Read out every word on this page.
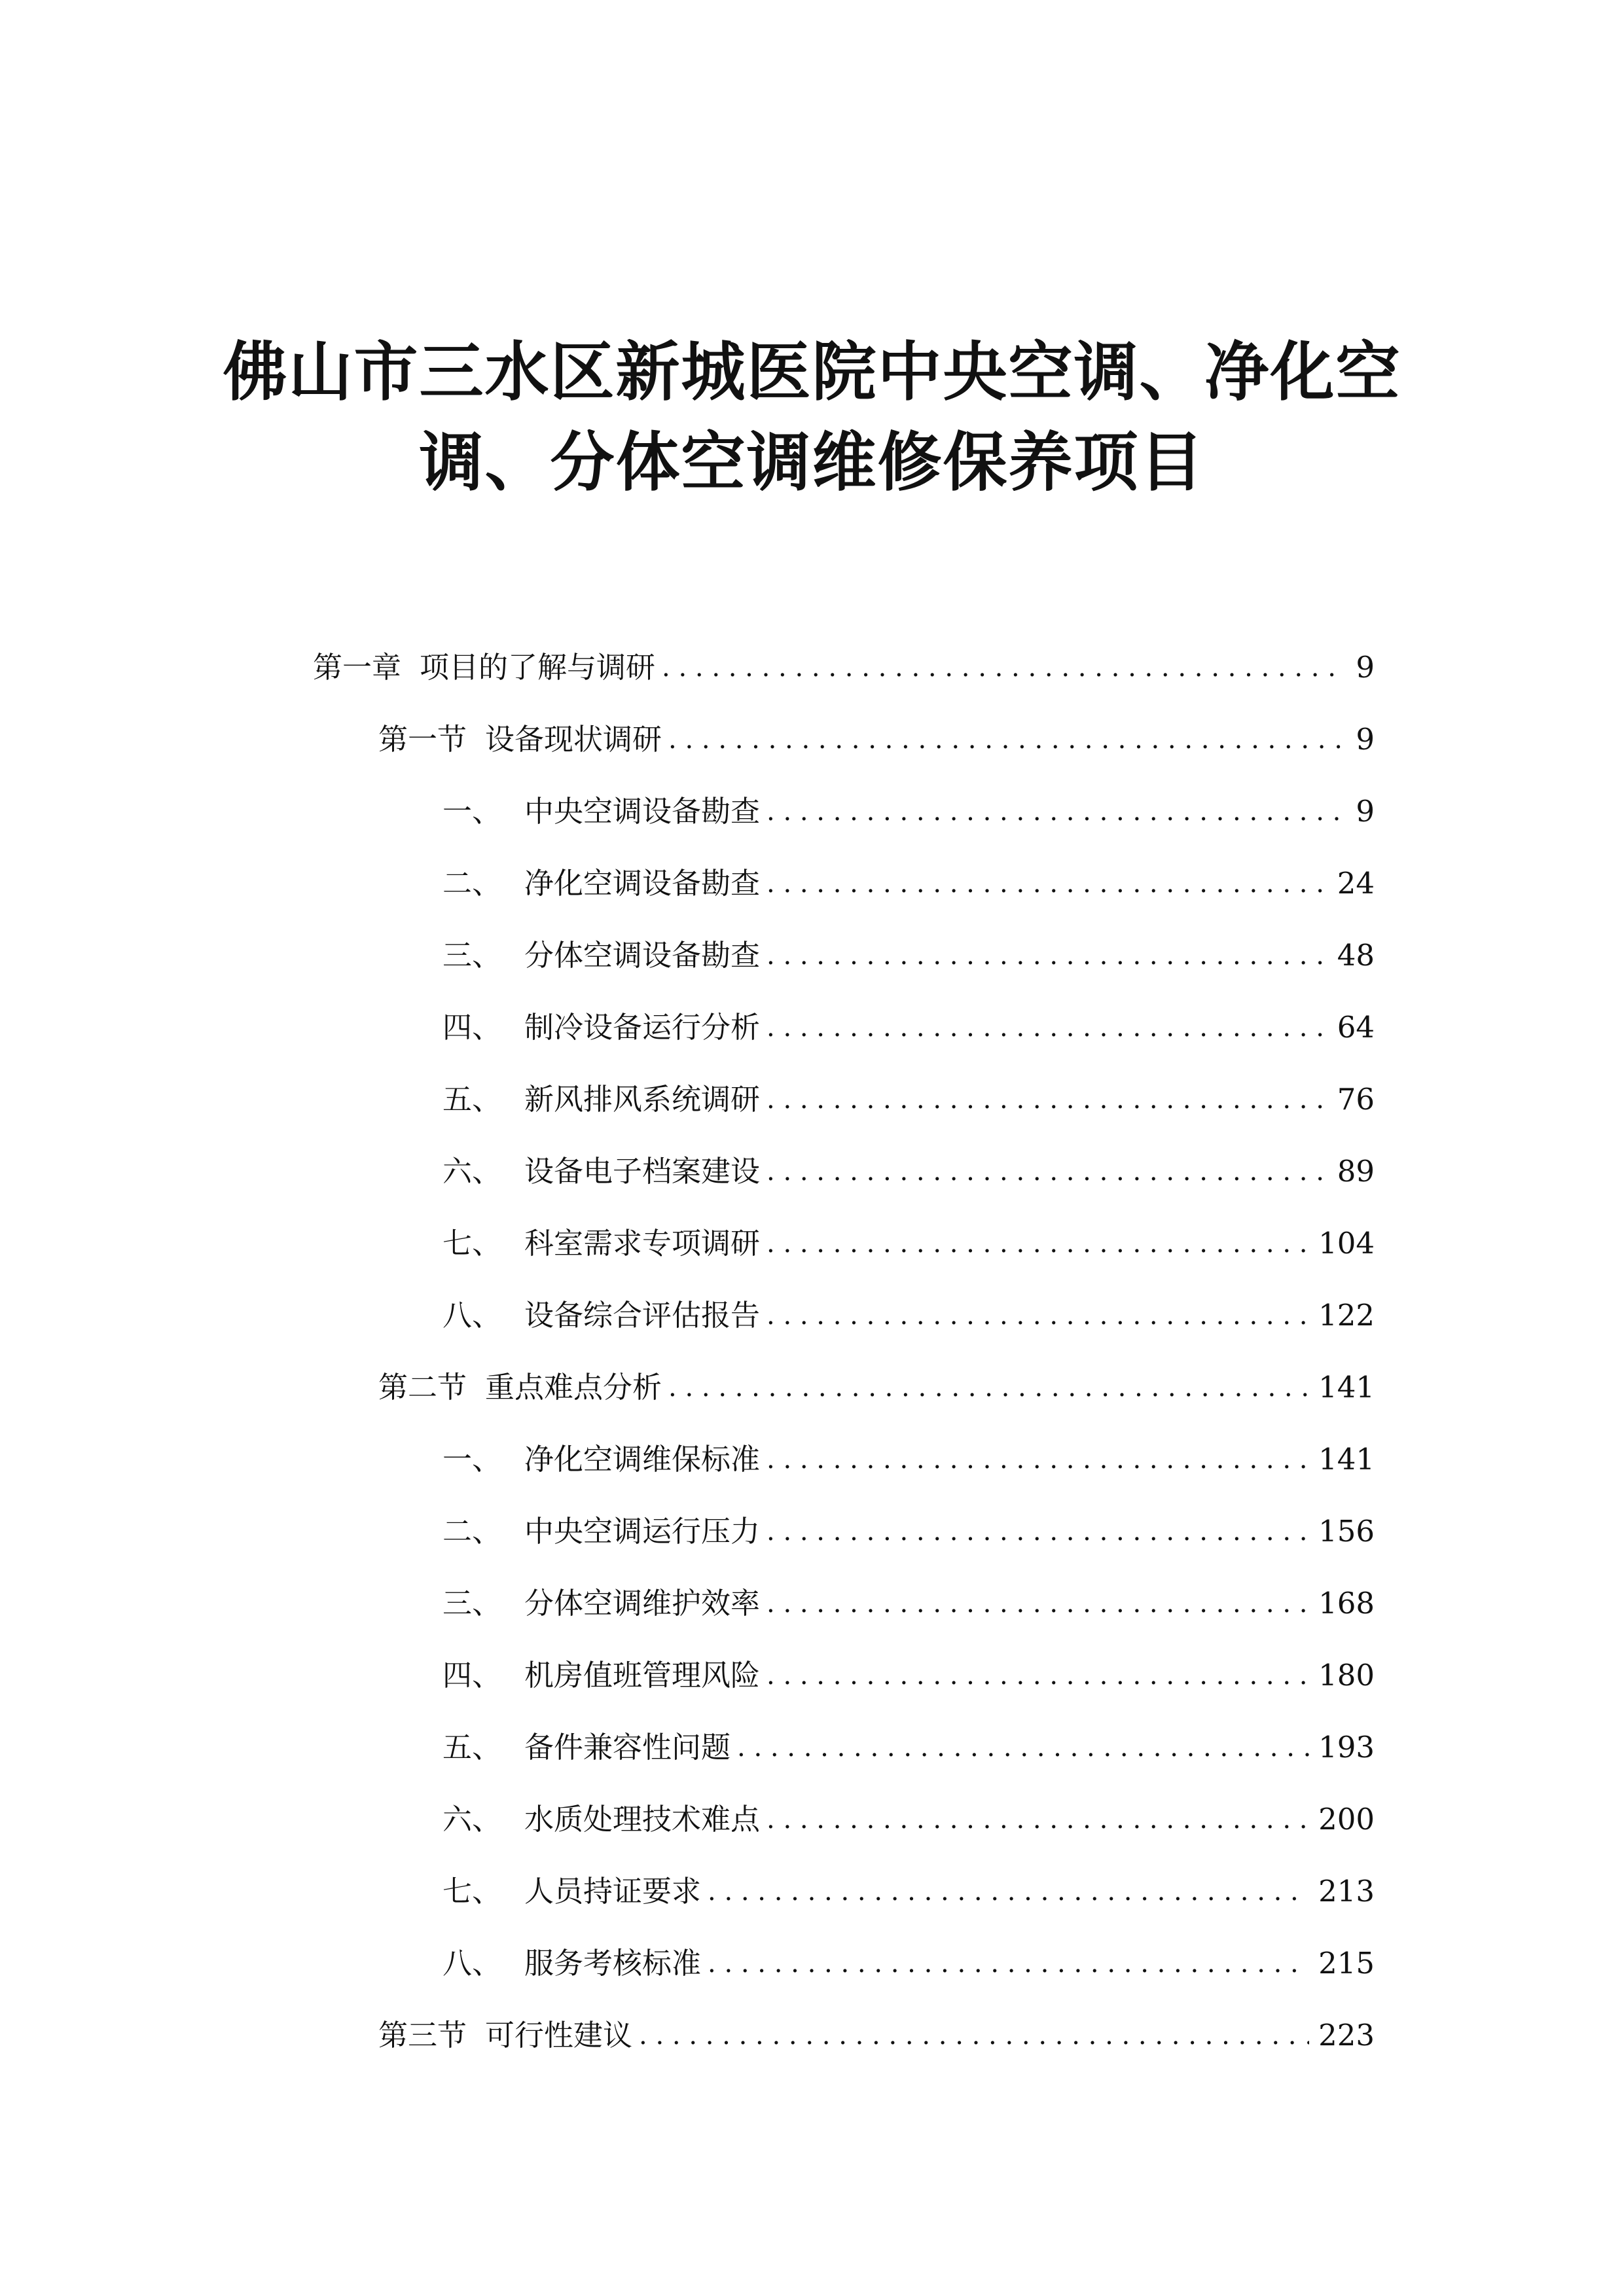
佛山市三水区新城医院中央空调、净化空
调、分体空调维修保养项目
第一章 项目的了解与调研 . . .	9
第一节 设备现状调研 . . .	9
一、 中央空调设备勘查 . . .	9
二、 净化空调设备勘查 . . .	24
三、 分体空调设备勘查 . . .	48
四、 制冷设备运行分析 . . .	64
五、 新风排风系统调研 . . .	76
六、 设备电子档案建设 . . .	89
七、 科室需求专项调研 . . .	104
八、 设备综合评估报告 . . .	122
第二节 重点难点分析 . . .	141
一、 净化空调维保标准 . . .	141
二、 中央空调运行压力 . . .	156
三、 分体空调维护效率 . . .	168
四、 机房值班管理风险 . . .	180
五、 备件兼容性问题 . . .	193
六、 水质处理技术难点 . . .	200
七、 人员持证要求 . . .	213
八、 服务考核标准 . . .	215
第三节 可行性建议 . . .	223
